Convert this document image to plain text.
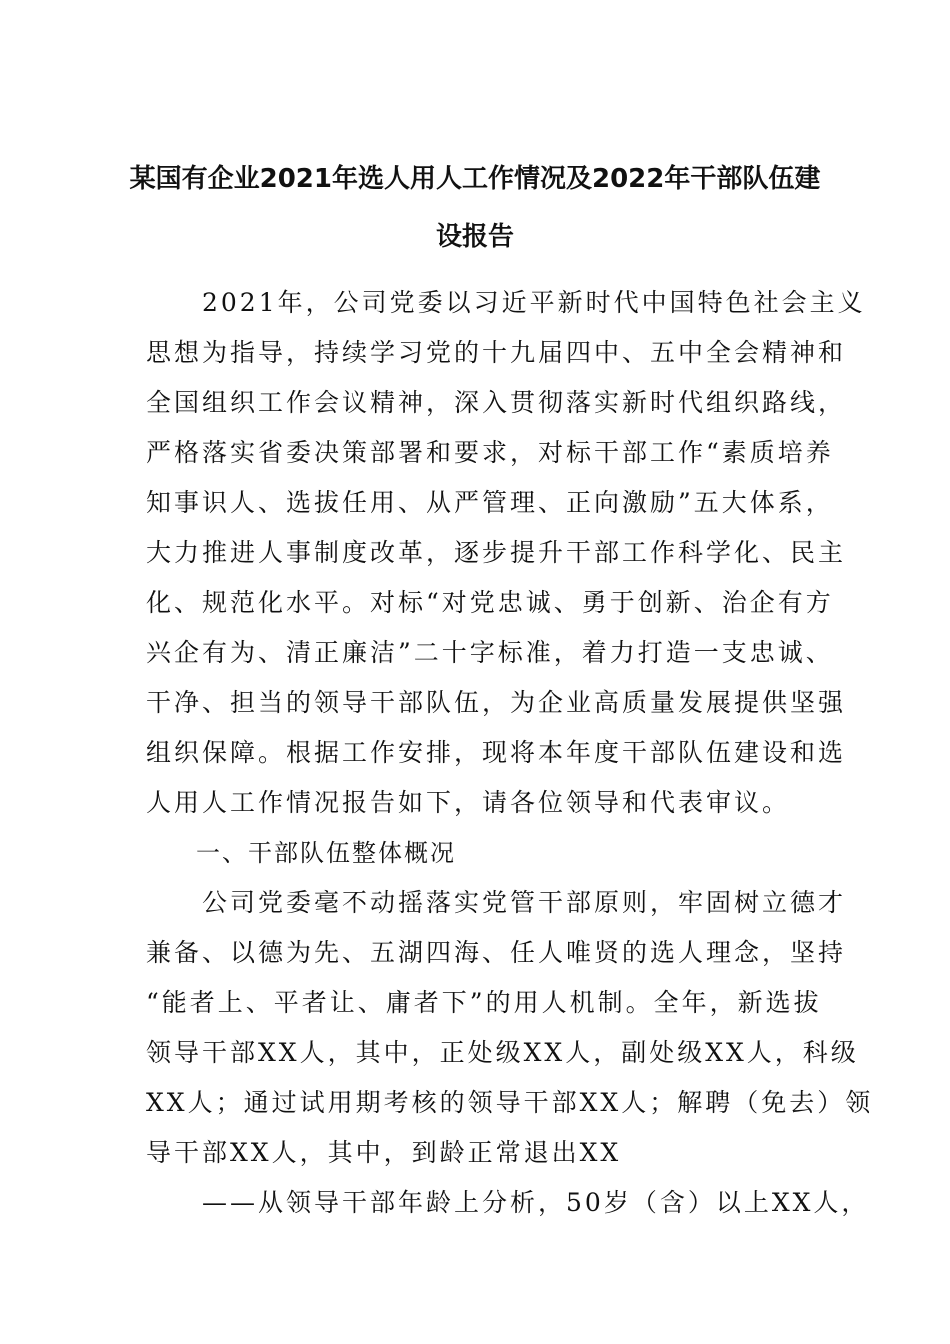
某国有企业2021年选人用人工作情况及2022年干部队伍建
设报告
　　2021年，公司党委以习近平新时代中国特色社会主义
思想为指导，持续学习党的十九届四中、五中全会精神和
全国组织工作会议精神，深入贯彻落实新时代组织路线，
严格落实省委决策部署和要求，对标干部工作“素质培养
知事识人、选拔任用、从严管理、正向激励”五大体系，
大力推进人事制度改革，逐步提升干部工作科学化、民主
化、规范化水平。对标“对党忠诚、勇于创新、治企有方
兴企有为、清正廉洁”二十字标准，着力打造一支忠诚、
干净、担当的领导干部队伍，为企业高质量发展提供坚强
组织保障。根据工作安排，现将本年度干部队伍建设和选
人用人工作情况报告如下，请各位领导和代表审议。
一、干部队伍整体概况
　　公司党委毫不动摇落实党管干部原则，牢固树立德才
兼备、以德为先、五湖四海、任人唯贤的选人理念，坚持
“能者上、平者让、庸者下”的用人机制。全年，新选拔
领导干部XX人，其中，正处级XX人，副处级XX人，科级
XX人；通过试用期考核的领导干部XX人；解聘（免去）领
导干部XX人，其中，到龄正常退出XX
　　——从领导干部年龄上分析，50岁（含）以上XX人，
